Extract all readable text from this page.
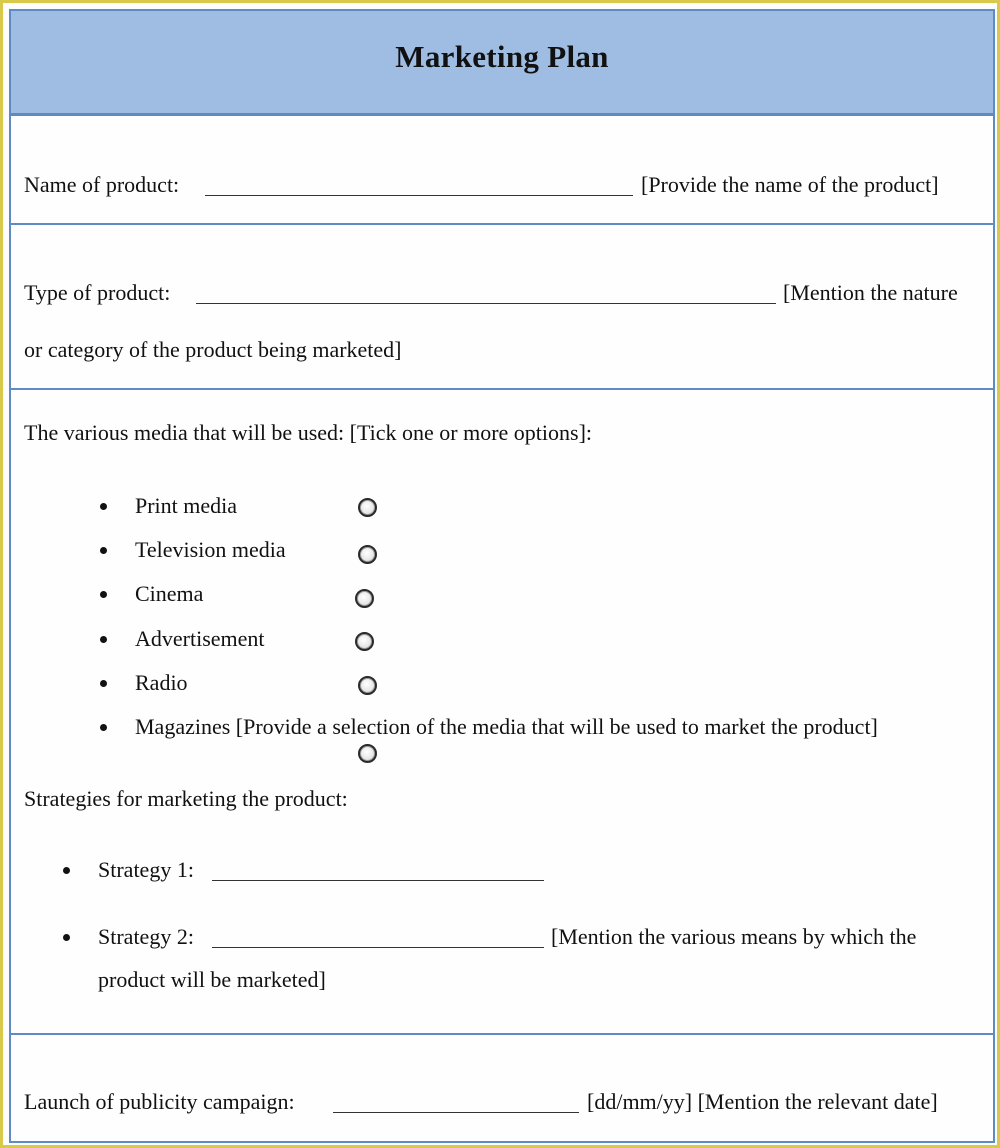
Marketing Plan
Name of product:	[Provide the name of the product]
Type of product:	[Mention the nature
or category of the product being marketed]
The various media that will be used: [Tick one or more options]:
Print media
Television media
Cinema
Advertisement
Radio
Magazines [Provide a selection of the media that will be used to market the product]
Strategies for marketing the product:
Strategy 1:
Strategy 2:	[Mention the various means by which the
product will be marketed]
Launch of publicity campaign:	[dd/mm/yy] [Mention the relevant date]
